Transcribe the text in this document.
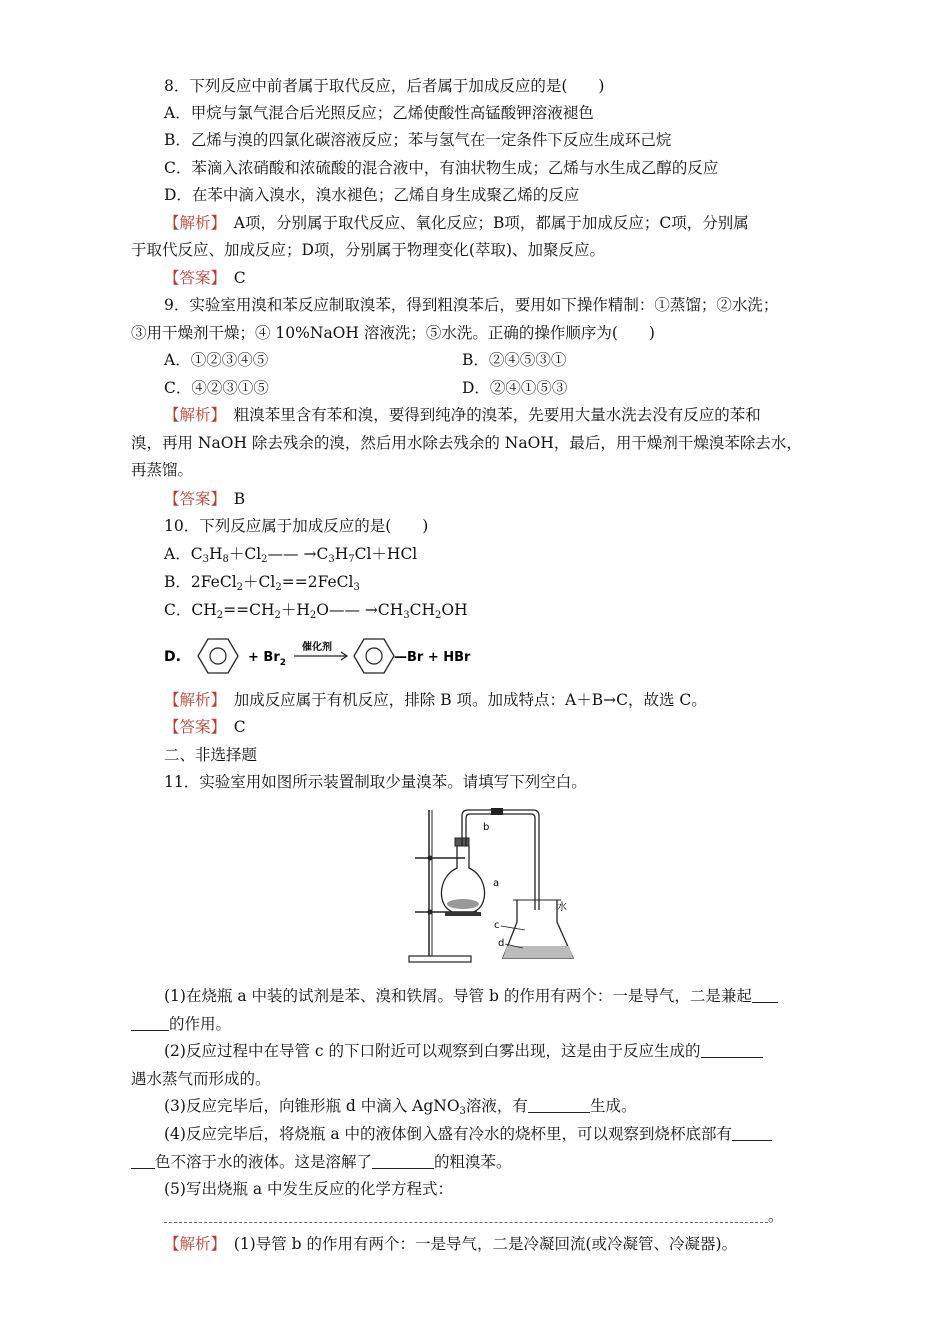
8．下列反应中前者属于取代反应，后者属于加成反应的是(　　)
A．甲烷与氯气混合后光照反应；乙烯使酸性高锰酸钾溶液褪色
B．乙烯与溴的四氯化碳溶液反应；苯与氢气在一定条件下反应生成环己烷
C．苯滴入浓硝酸和浓硫酸的混合液中，有油状物生成；乙烯与水生成乙醇的反应
D．在苯中滴入溴水，溴水褪色；乙烯自身生成聚乙烯的反应
【解析】　A项，分别属于取代反应、氧化反应；B项，都属于加成反应；C项，分别属
于取代反应、加成反应；D项，分别属于物理变化(萃取)、加聚反应。
【答案】　C
9．实验室用溴和苯反应制取溴苯，得到粗溴苯后，要用如下操作精制：①蒸馏；②水洗；
③用干燥剂干燥；④ 10%NaOH 溶液洗；⑤水洗。正确的操作顺序为(　　)
A．①②③④⑤	B．②④⑤③①
C．④②③①⑤	D．②④①⑤③
【解析】　粗溴苯里含有苯和溴，要得到纯净的溴苯，先要用大量水洗去没有反应的苯和
溴，再用 NaOH 除去残余的溴，然后用水除去残余的 NaOH，最后，用干燥剂干燥溴苯除去水，
再蒸馏。
【答案】　B
10．下列反应属于加成反应的是(　　)
A．$C_3H_8+Cl_2—— \to C_3H_7Cl+HCl$
B．$2FeCl_2+Cl_2==2FeCl_3$
C．$CH_2==CH_2+H_2O—— \to CH_3CH_2OH$
D.	+ $Br_2$
催化剂
—Br + HBr
【解析】　加成反应属于有机反应，排除 B 项。加成特点：A＋B→C，故选 C。
【答案】　C
二、非选择题
11．实验室用如图所示装置制取少量溴苯。请填写下列空白。
b
a
水
c
d
(1)在烧瓶 a 中装的试剂是苯、溴和铁屑。导管 b 的作用有两个：一是导气，二是兼起
的作用。
(2)反应过程中在导管 c 的下口附近可以观察到白雾出现，这是由于反应生成的
遇水蒸气而形成的。
(3)反应完毕后，向锥形瓶 d 中滴入 AgNO$_3$溶液，有	生成。
(4)反应完毕后，将烧瓶 a 中的液体倒入盛有冷水的烧杯里，可以观察到烧杯底部有
色不溶于水的液体。这是溶解了	的粗溴苯。
(5)写出烧瓶 a 中发生反应的化学方程式：
。
【解析】　(1)导管 b 的作用有两个：一是导气，二是冷凝回流(或冷凝管、冷凝器)。
